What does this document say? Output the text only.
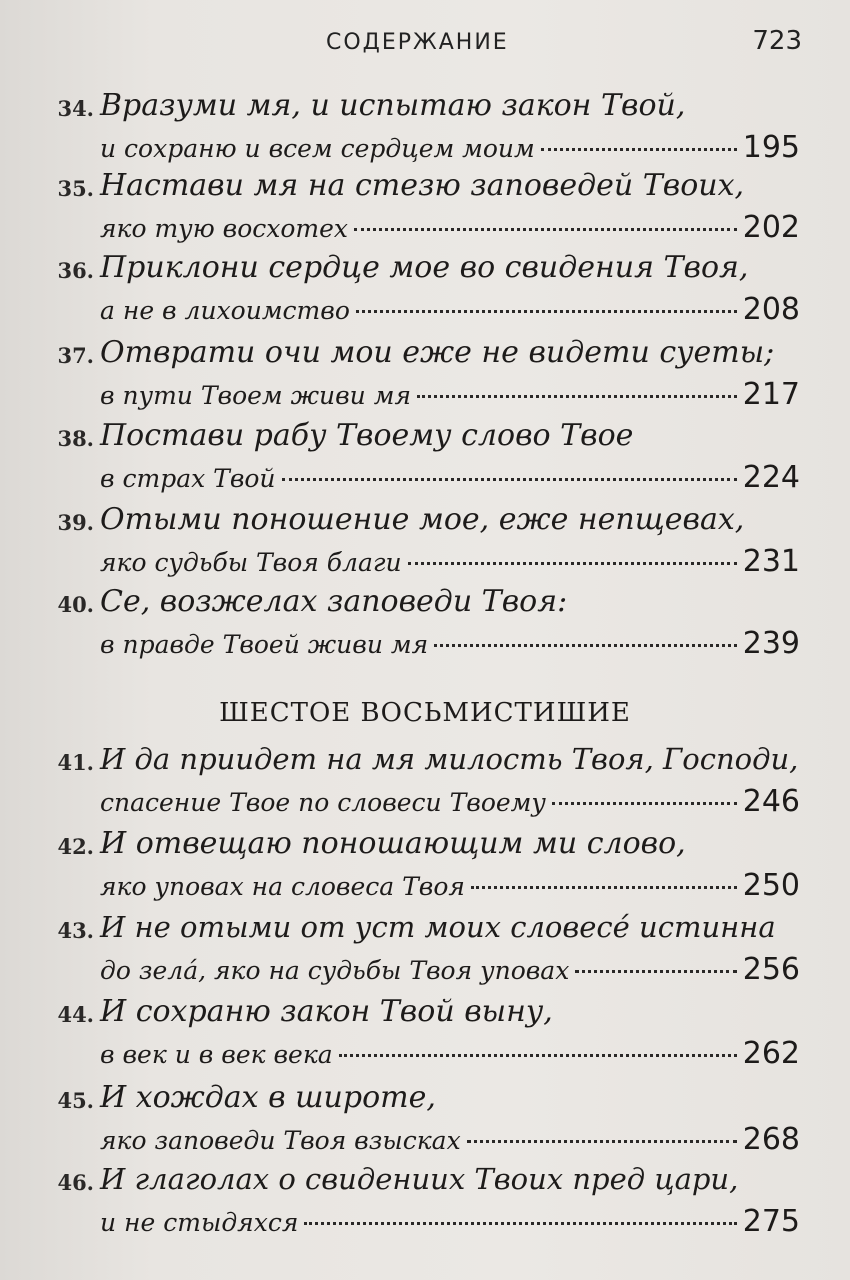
СОДЕРЖАНИЕ	723
34. Вразуми мя, и испытаю закон Твой,
и сохраню и всем сердцем моим	195
35. Настави мя на стезю заповедей Твоих,
яко тую восхотех	202
36. Приклони сердце мое во свидения Твоя,
а не в лихоимство	208
37. Отврати очи мои еже не видети суеты;
в пути Твоем живи мя	217
38. Постави рабу Твоему слово Твое
в страх Твой	224
39. Отыми поношение мое, еже непщевах,
яко судьбы Твоя благи	231
40. Се, возжелах заповеди Твоя:
в правде Твоей живи мя	239
ШЕСТОЕ ВОСЬМИСТИШИЕ
41. И да приидет на мя милость Твоя, Господи,
спасение Твое по словеси Твоему	246
42. И отвещаю поношающим ми слово,
яко уповах на словеса Твоя	250
43. И не отыми от уст моих словесé истинна
до зелá, яко на судьбы Твоя уповах	256
44. И сохраню закон Твой выну,
в век и в век века	262
45. И хождах в широте,
яко заповеди Твоя взысках	268
46. И глаголах о свидениих Твоих пред цари,
и не стыдяхся	275
